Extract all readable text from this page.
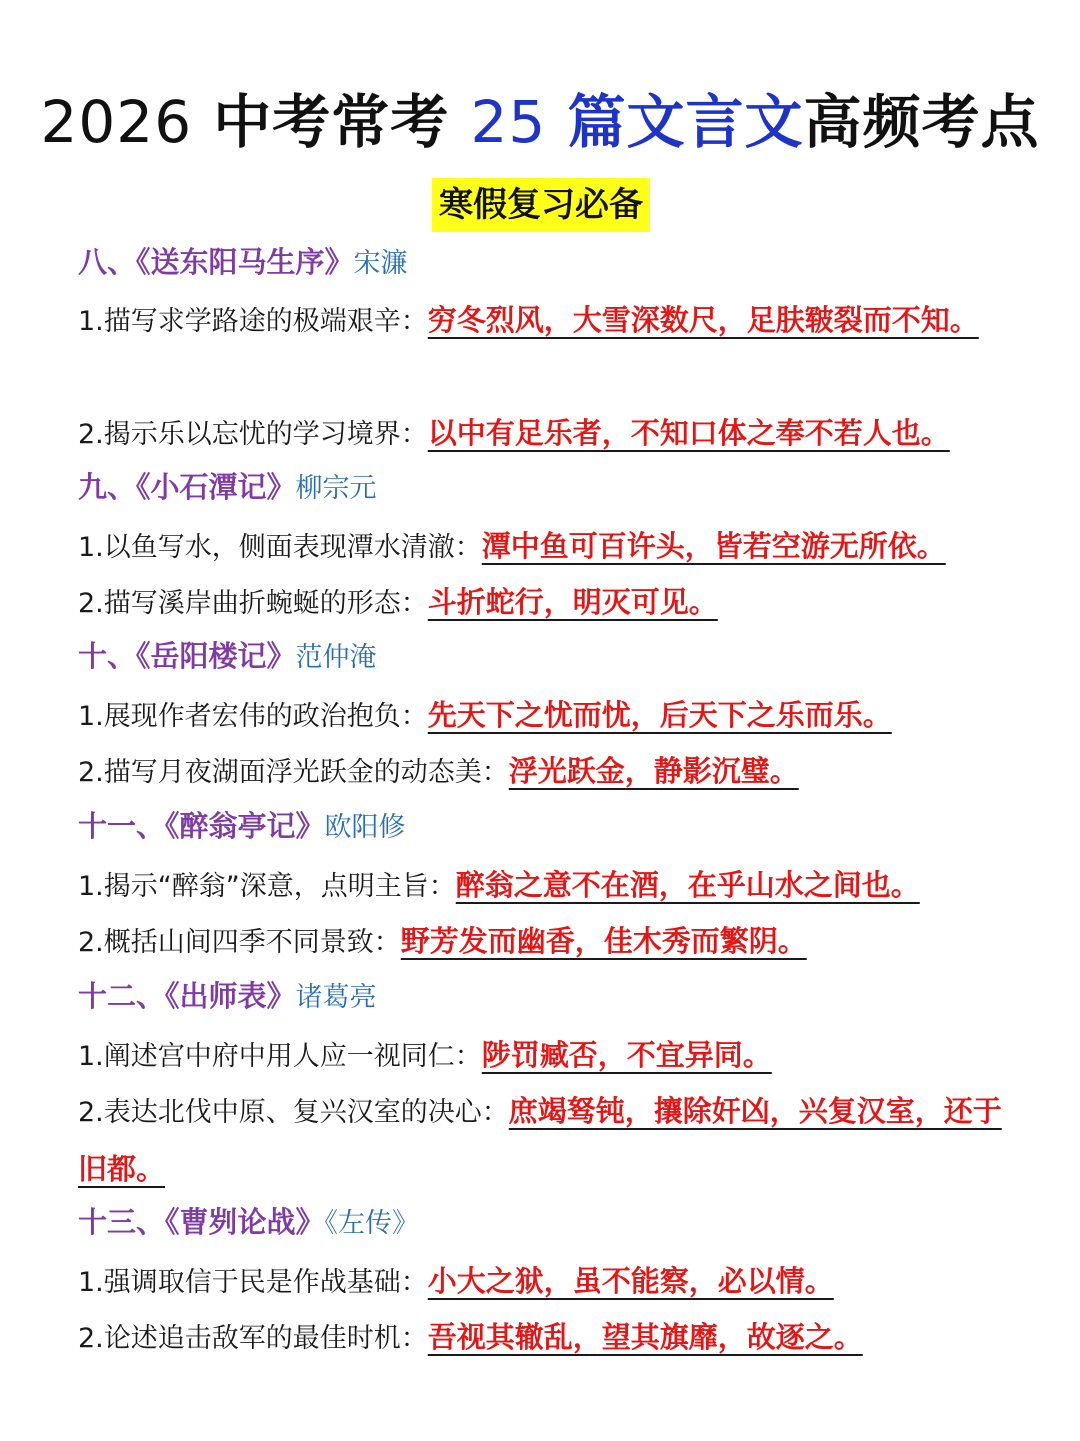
2026 中考常考 25 篇文言文高频考点
寒假复习必备
八、《送东阳马生序》宋濂
1.描写求学路途的极端艰辛：穷冬烈风，大雪深数尺，足肤皲裂而不知。
2.揭示乐以忘忧的学习境界：以中有足乐者，不知口体之奉不若人也。
九、《小石潭记》柳宗元
1.以鱼写水，侧面表现潭水清澈：潭中鱼可百许头，皆若空游无所依。
2.描写溪岸曲折蜿蜒的形态：斗折蛇行，明灭可见。
十、《岳阳楼记》范仲淹
1.展现作者宏伟的政治抱负：先天下之忧而忧，后天下之乐而乐。
2.描写月夜湖面浮光跃金的动态美：浮光跃金，静影沉璧。
十一、《醉翁亭记》欧阳修
1.揭示“醉翁”深意，点明主旨：醉翁之意不在酒，在乎山水之间也。
2.概括山间四季不同景致：野芳发而幽香，佳木秀而繁阴。
十二、《出师表》诸葛亮
1.阐述宫中府中用人应一视同仁：陟罚臧否，不宜异同。
2.表达北伐中原、复兴汉室的决心：庶竭驽钝，攘除奸凶，兴复汉室，还于旧都。
十三、《曹刿论战》《左传》
1.强调取信于民是作战基础：小大之狱，虽不能察，必以情。
2.论述追击敌军的最佳时机：吾视其辙乱，望其旗靡，故逐之。
